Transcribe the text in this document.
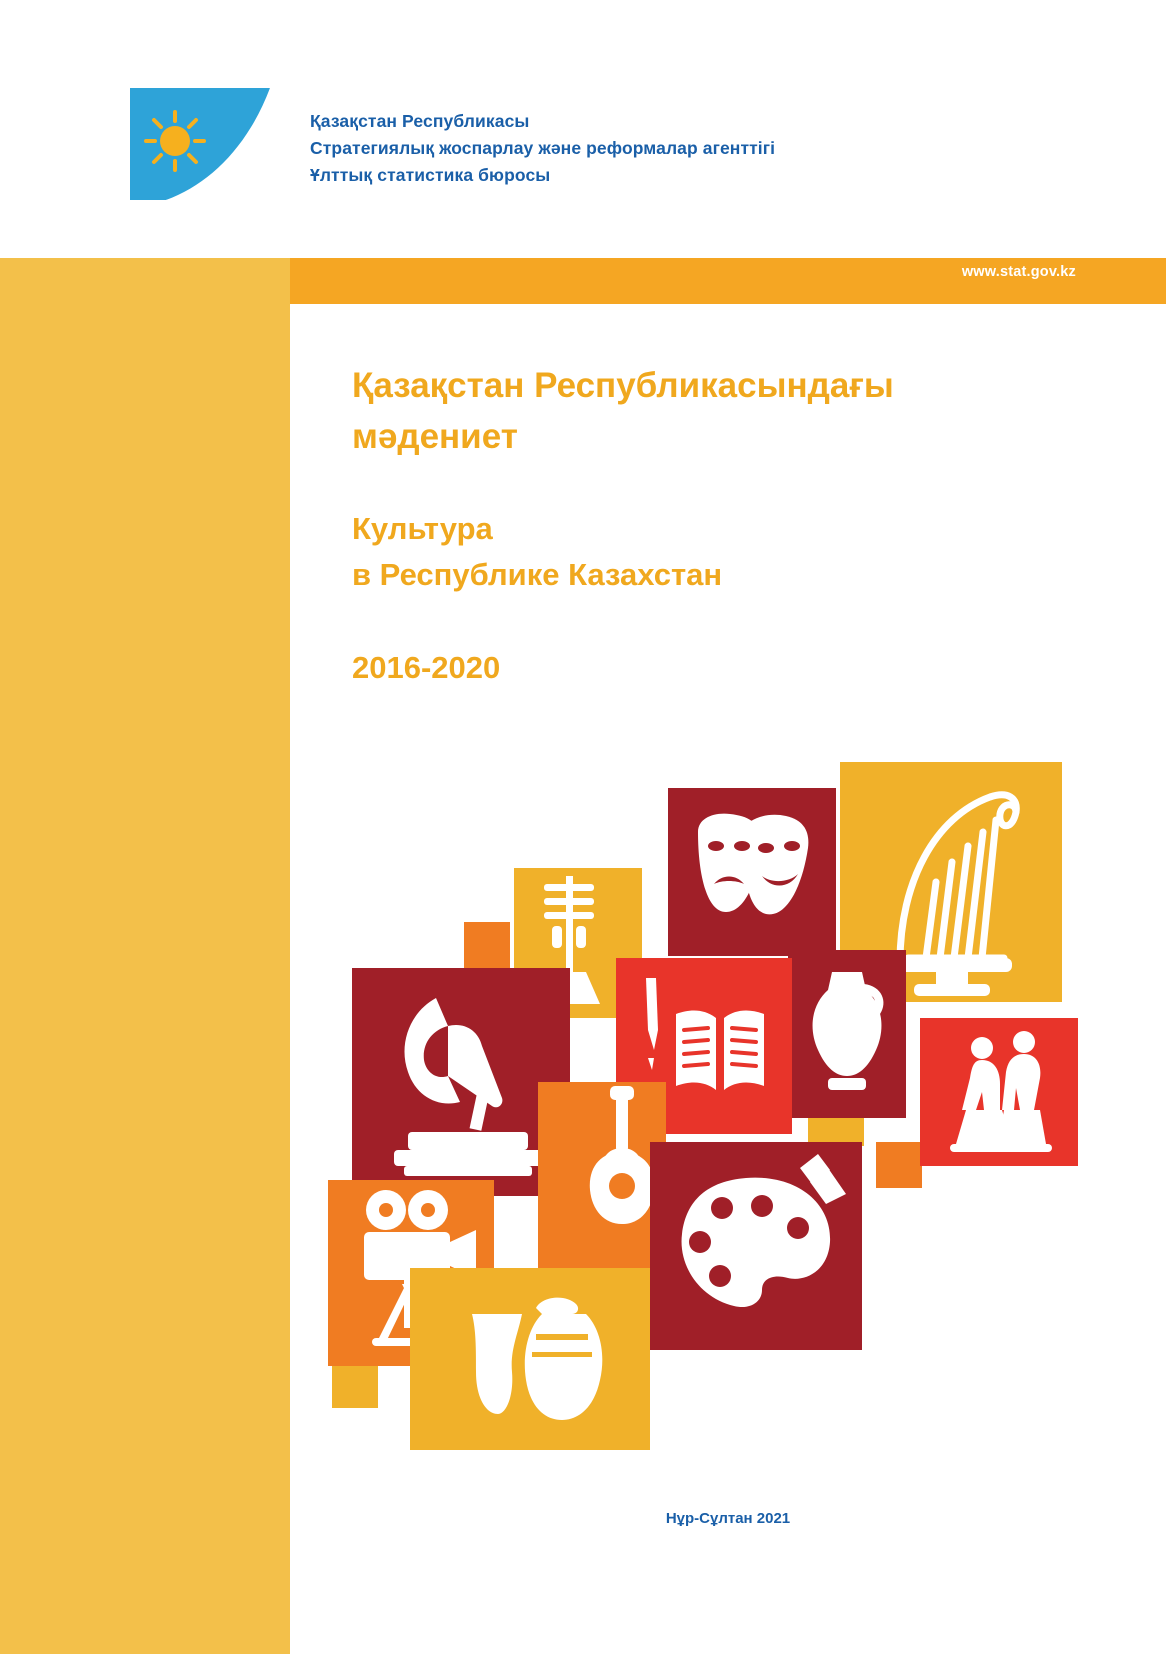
Қазақстан Республикасы
Стратегиялық жоспарлау және реформалар агенттігі
Ұлттық статистика бюросы
www.stat.gov.kz
Қазақстан Республикасындағы мәдениет
Культура
в Республике Казахстан
2016-2020
Нұр-Сұлтан 2021
